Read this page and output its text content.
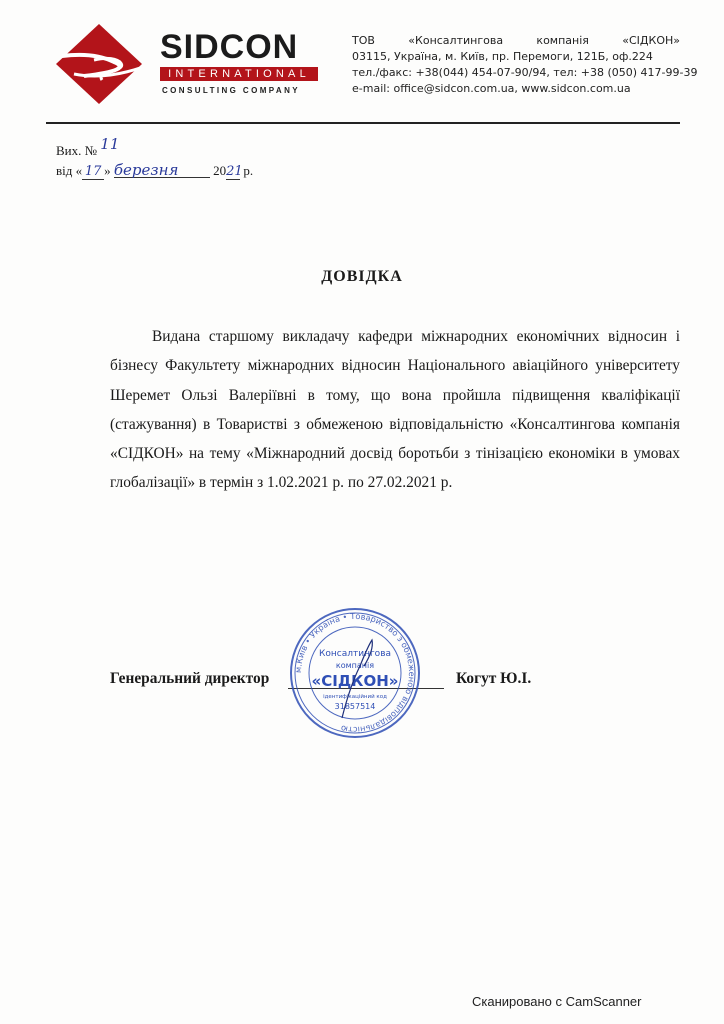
SIDCON
INTERNATIONAL
CONSULTING COMPANY
ТОВ «Консалтингова компанія «СІДКОН»
03115, Україна, м. Київ, пр. Перемоги, 121Б, оф.224
тел./факс: +38(044) 454-07-90/94, тел: +38 (050) 417-99-39
e-mail: office@sidcon.com.ua, www.sidcon.com.ua
Вих. № 11
від « 17 » березня	2021 р.
ДОВІДКА

Видана старшому викладачу кафедри міжнародних економічних відносин і бізнесу Факультету міжнародних відносин Національного авіаційного університету Шеремет Ользі Валеріївні в тому, що вона пройшла підвищення кваліфікації (стажування) в Товаристві з обмеженою відповідальністю «Консалтингова компанія «СІДКОН» на тему «Міжнародний досвід боротьби з тінізацією економіки в умовах глобалізації» в термін з 1.02.2021 р. по 27.02.2021 р.

Генеральний директор	Когут Ю.І.
м.Київ • Україна • Товариство з обмеженою відповідальністю
Консалтингова
компанія
«СІДКОН»
ідентифікаційний код
31857514
Сканировано с CamScanner
